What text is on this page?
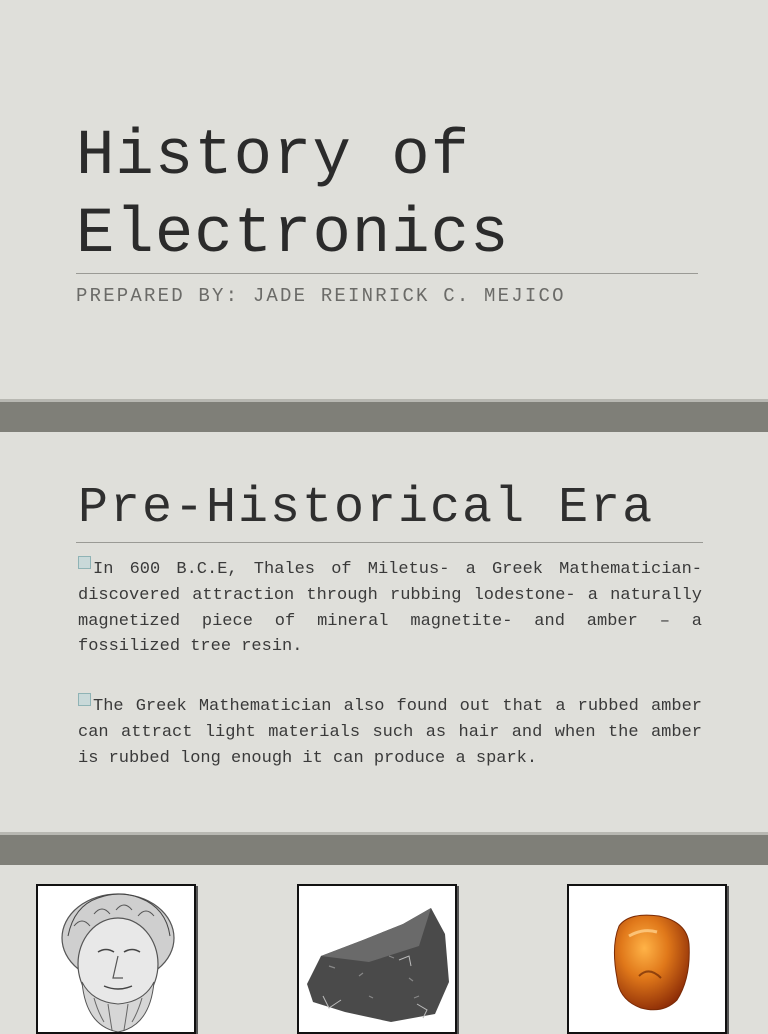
History of
Electronics
PREPARED BY: JADE REINRICK C. MEJICO
Pre-Historical Era
In 600 B.C.E, Thales of Miletus- a Greek Mathematician- discovered attraction through rubbing lodestone- a naturally magnetized piece of mineral magnetite- and amber – a fossilized tree resin.
The Greek Mathematician also found out that a rubbed amber can attract light materials such as hair and when the amber is rubbed long enough it can produce a spark.
